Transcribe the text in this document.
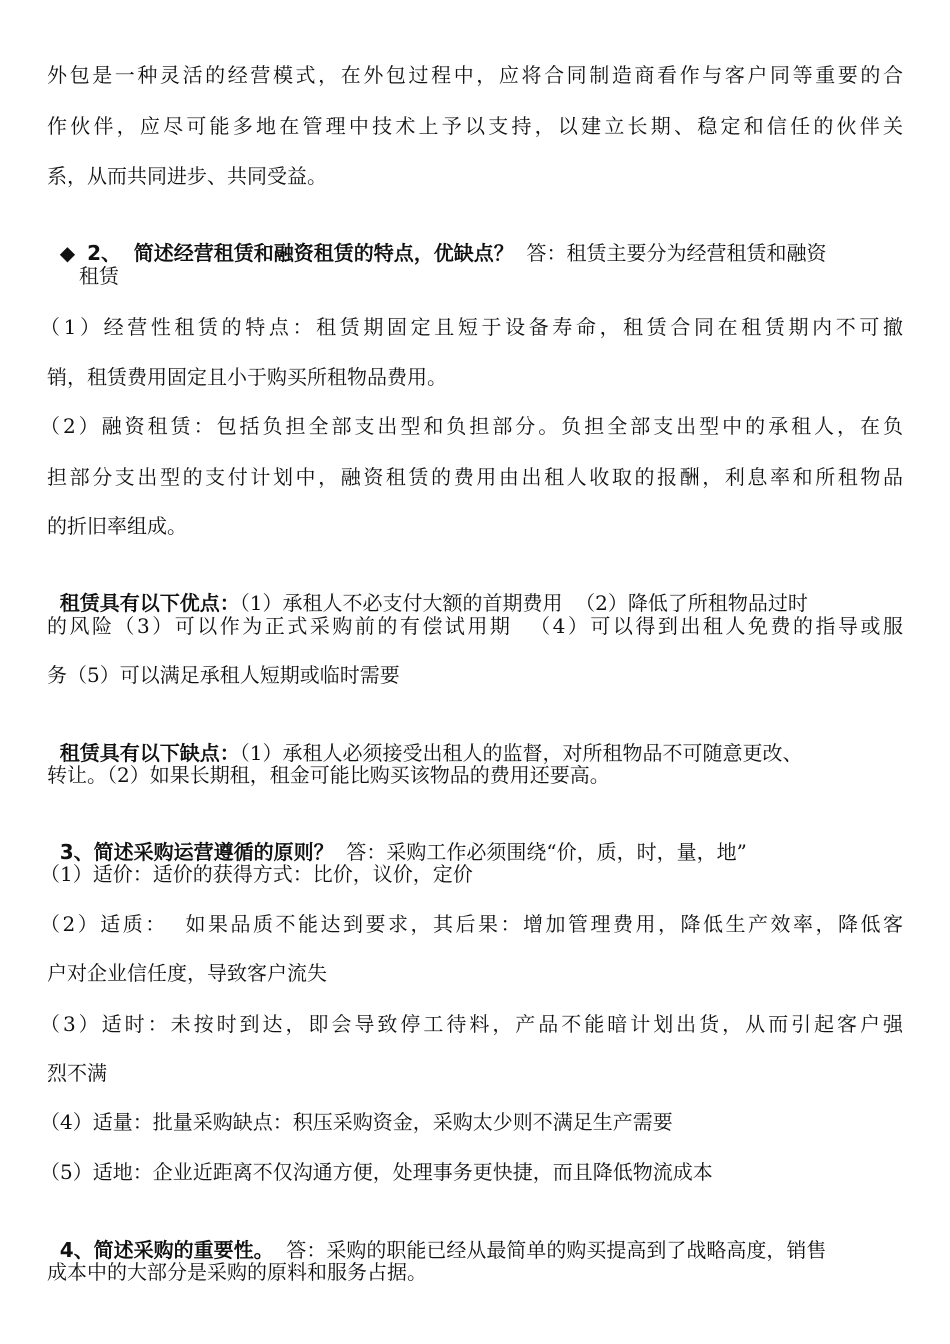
外包是一种灵活的经营模式，在外包过程中，应将合同制造商看作与客户同等重要的合
作伙伴，应尽可能多地在管理中技术上予以支持，以建立长期、稳定和信任的伙伴关
系，从而共同进步、共同受益。

◆ 2、 简述经营租赁和融资租赁的特点，优缺点？ 答：租赁主要分为经营租赁和融资

租赁
（1）经营性租赁的特点：租赁期固定且短于设备寿命，租赁合同在租赁期内不可撤
销，租赁费用固定且小于购买所租物品费用。
（2）融资租赁：包括负担全部支出型和负担部分。负担全部支出型中的承租人，在负
担部分支出型的支付计划中，融资租赁的费用由出租人收取的报酬，利息率和所租物品
的折旧率组成。

租赁具有以下优点：（1）承租人不必支付大额的首期费用  （2）降低了所租物品过时

的风险（3）可以作为正式采购前的有偿试用期  （4）可以得到出租人免费的指导或服
务（5）可以满足承租人短期或临时需要

租赁具有以下缺点：（1）承租人必须接受出租人的监督，对所租物品不可随意更改、

转让。（2）如果长期租，租金可能比购买该物品的费用还要高。

3、简述采购运营遵循的原则？ 答：采购工作必须围绕“价，质，时，量，地”

（1）适价：适价的获得方式：比价，议价，定价
（2）适质：  如果品质不能达到要求，其后果：增加管理费用，降低生产效率，降低客
户对企业信任度，导致客户流失
（3）适时：未按时到达，即会导致停工待料，产品不能暗计划出货，从而引起客户强
烈不满
（4）适量：批量采购缺点：积压采购资金，采购太少则不满足生产需要
（5）适地：企业近距离不仅沟通方便，处理事务更快捷，而且降低物流成本

4、简述采购的重要性。 答：采购的职能已经从最简单的购买提高到了战略高度，销售

成本中的大部分是采购的原料和服务占据。
